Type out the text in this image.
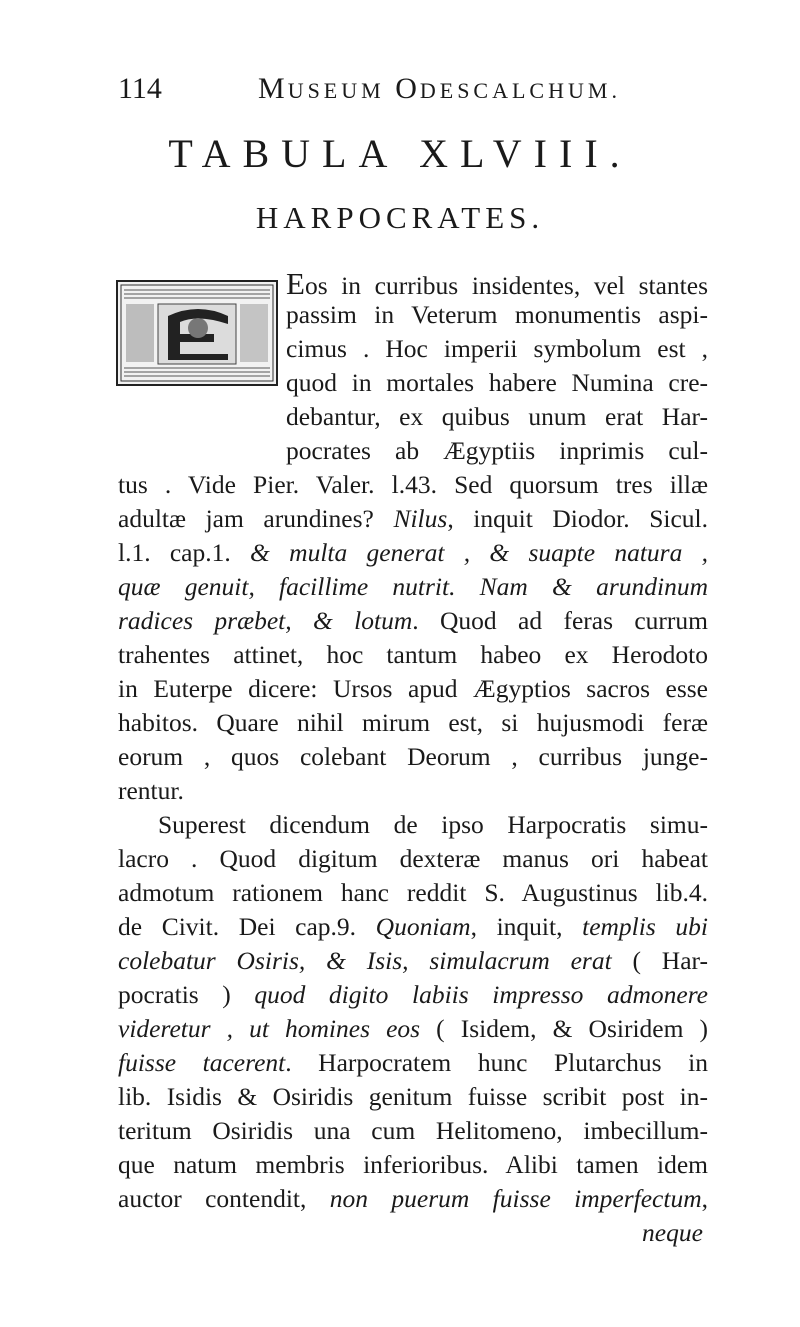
114	MUSEUM ODESCALCHUM.
TABULA XLVIII.
HARPOCRATES.
Eos in curribus insidentes, vel stantes
passim in Veterum monumentis aspi-
cimus . Hoc imperii symbolum est ,
quod in mortales habere Numina cre-
debantur, ex quibus unum erat Har-
pocrates ab Ægyptiis inprimis cul-
tus . Vide Pier. Valer. l.43. Sed quorsum tres illæ
adultæ jam arundines? Nilus, inquit Diodor. Sicul.
l.1. cap.1. & multa generat , & suapte natura ,
quæ genuit, facillime nutrit. Nam & arundinum
radices præbet, & lotum. Quod ad feras currum
trahentes attinet, hoc tantum habeo ex Herodoto
in Euterpe dicere: Ursos apud Ægyptios sacros esse
habitos. Quare nihil mirum est, si hujusmodi feræ
eorum , quos colebant Deorum , curribus junge-
rentur.
Superest dicendum de ipso Harpocratis simu-
lacro . Quod digitum dexteræ manus ori habeat
admotum rationem hanc reddit S. Augustinus lib.4.
de Civit. Dei cap.9. Quoniam, inquit, templis ubi
colebatur Osiris, & Isis, simulacrum erat ( Har-
pocratis ) quod digito labiis impresso admonere
videretur , ut homines eos ( Isidem, & Osiridem )
fuisse tacerent. Harpocratem hunc Plutarchus in
lib. Isidis & Osiridis genitum fuisse scribit post in-
teritum Osiridis una cum Helitomeno, imbecillum-
que natum membris inferioribus. Alibi tamen idem
auctor contendit, non puerum fuisse imperfectum,
neque
